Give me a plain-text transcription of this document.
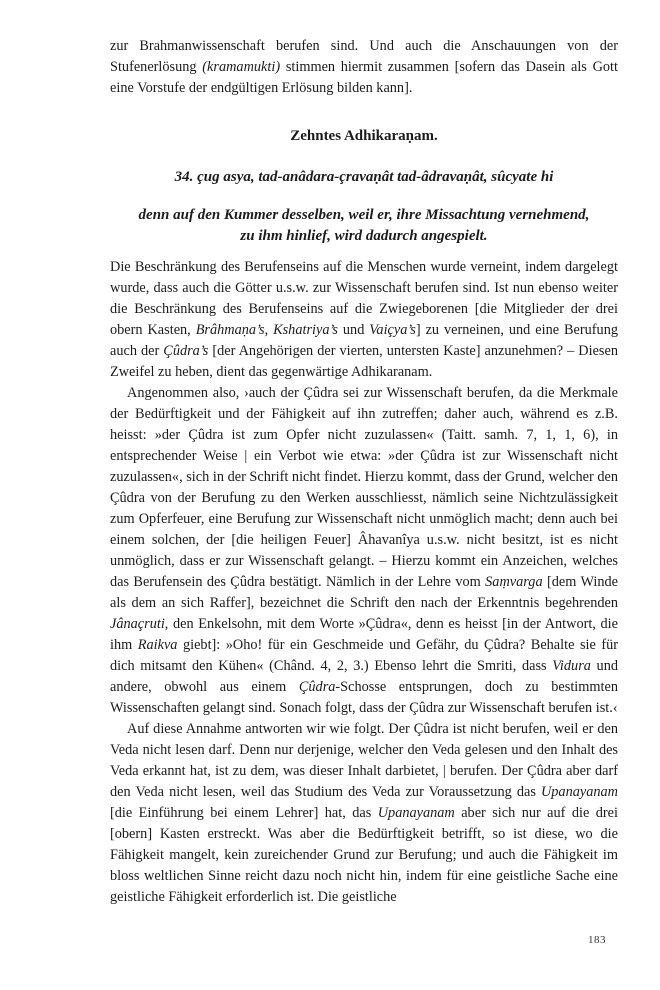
zur Brahmanwissenschaft berufen sind. Und auch die Anschauungen von der Stufenerlösung (kramamukti) stimmen hiermit zusammen [sofern das Dasein als Gott eine Vorstufe der endgültigen Erlösung bilden kann].

Zehntes Adhikaraṇam.

34. çug asya, tad-anâdara-çravaṇât tad-âdravaṇât, sûcyate hi

denn auf den Kummer desselben, weil er, ihre Missachtung vernehmend,
zu ihm hinlief, wird dadurch angespielt.

Die Beschränkung des Berufenseins auf die Menschen wurde verneint, indem dargelegt wurde, dass auch die Götter u.s.w. zur Wissenschaft berufen sind. Ist nun ebenso weiter die Beschränkung des Berufenseins auf die Zwiegeborenen [die Mitglieder der drei obern Kasten, Brâhmaṇa’s, Kshatriya’s und Vaiçya’s] zu verneinen, und eine Berufung auch der Çûdra’s [der Angehörigen der vierten, untersten Kaste] anzunehmen? – Diesen Zweifel zu heben, dient das gegenwärtige Adhikaranam.

Angenommen also, ›auch der Çûdra sei zur Wissenschaft berufen, da die Merkmale der Bedürftigkeit und der Fähigkeit auf ihn zutreffen; daher auch, während es z.B. heisst: »der Çûdra ist zum Opfer nicht zuzulassen« (Taitt. samh. 7, 1, 1, 6), in entsprechender Weise | ein Verbot wie etwa: »der Çûdra ist zur Wissenschaft nicht zuzulassen«, sich in der Schrift nicht findet. Hierzu kommt, dass der Grund, welcher den Çûdra von der Berufung zu den Werken ausschliesst, nämlich seine Nichtzulässigkeit zum Opferfeuer, eine Berufung zur Wissenschaft nicht unmöglich macht; denn auch bei einem solchen, der [die heiligen Feuer] Âhavanîya u.s.w. nicht besitzt, ist es nicht unmöglich, dass er zur Wissenschaft gelangt. – Hierzu kommt ein Anzeichen, welches das Berufensein des Çûdra bestätigt. Nämlich in der Lehre vom Saṃvarga [dem Winde als dem an sich Raffer], bezeichnet die Schrift den nach der Erkenntnis begehrenden Jânaçruti, den Enkelsohn, mit dem Worte »Çûdra«, denn es heisst [in der Antwort, die ihm Raikva giebt]: »Oho! für ein Geschmeide und Gefähr, du Çûdra? Behalte sie für dich mitsamt den Kühen« (Chând. 4, 2, 3.) Ebenso lehrt die Smriti, dass Vidura und andere, obwohl aus einem Çûdra-Schosse entsprungen, doch zu bestimmten Wissenschaften gelangt sind. Sonach folgt, dass der Çûdra zur Wissenschaft berufen ist.‹

Auf diese Annahme antworten wir wie folgt. Der Çûdra ist nicht berufen, weil er den Veda nicht lesen darf. Denn nur derjenige, welcher den Veda gelesen und den Inhalt des Veda erkannt hat, ist zu dem, was dieser Inhalt darbietet, | berufen. Der Çûdra aber darf den Veda nicht lesen, weil das Studium des Veda zur Voraussetzung das Upanayanam [die Einführung bei einem Lehrer] hat, das Upanayanam aber sich nur auf die drei [obern] Kasten erstreckt. Was aber die Bedürftigkeit betrifft, so ist diese, wo die Fähigkeit mangelt, kein zureichender Grund zur Berufung; und auch die Fähigkeit im bloss weltlichen Sinne reicht dazu noch nicht hin, indem für eine geistliche Sache eine geistliche Fähigkeit erforderlich ist. Die geistliche

183
